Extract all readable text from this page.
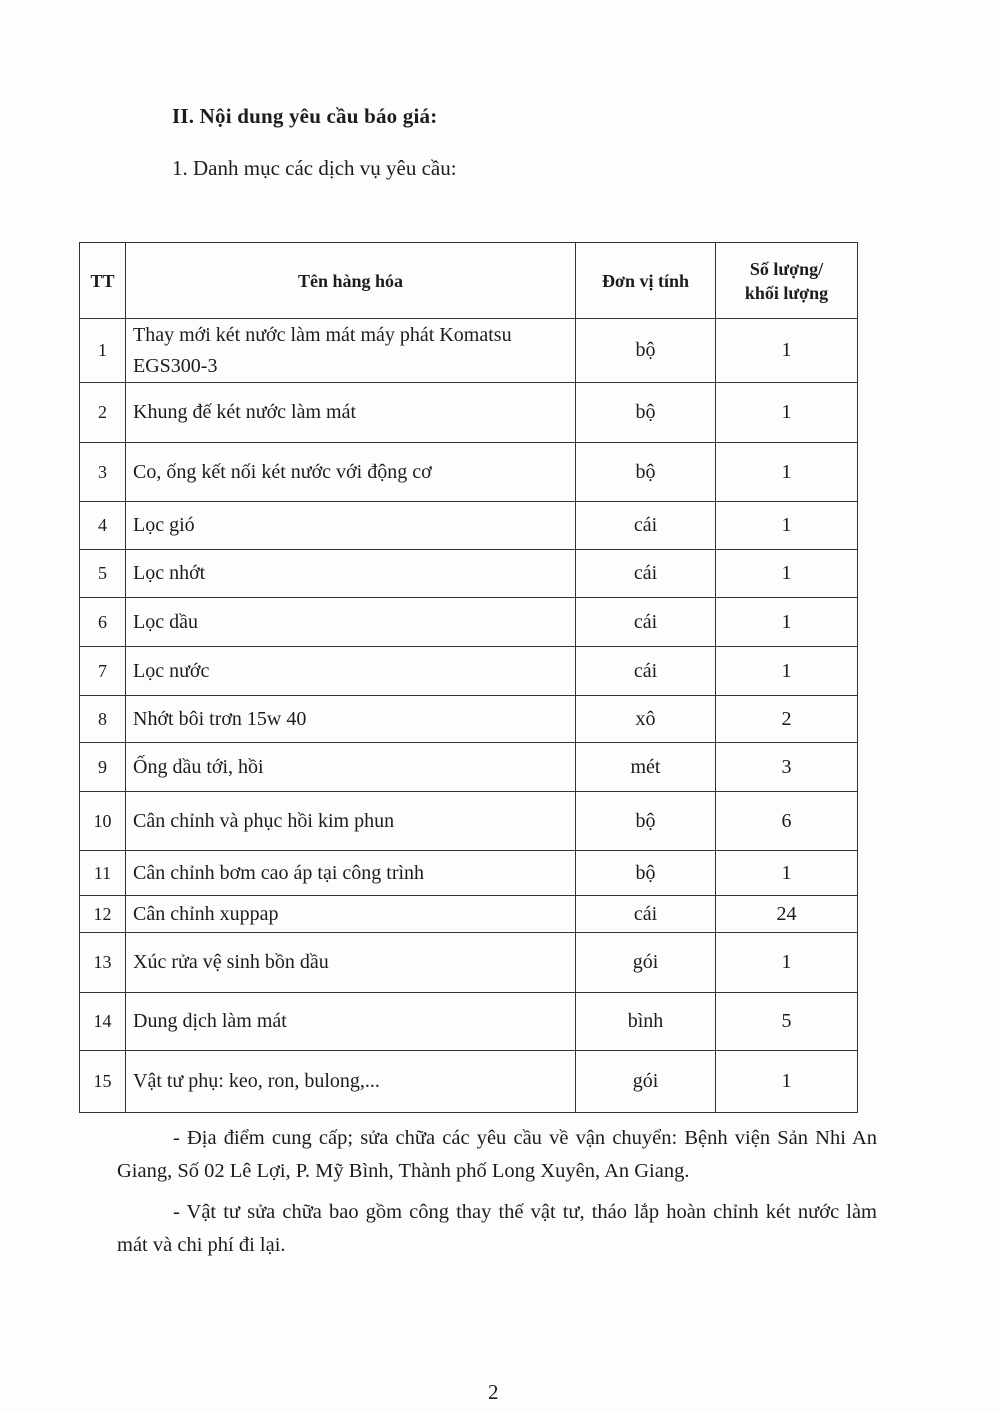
II. Nội dung yêu cầu báo giá:
1. Danh mục các dịch vụ yêu cầu:
TT	Tên hàng hóa	Đơn vị tính	Số lượng/
khối lượng
1	Thay mới két nước làm mát máy phát Komatsu EGS300-3	bộ	1
2	Khung đế két nước làm mát	bộ	1
3	Co, ống kết nối két nước với động cơ	bộ	1
4	Lọc gió	cái	1
5	Lọc nhớt	cái	1
6	Lọc dầu	cái	1
7	Lọc nước	cái	1
8	Nhớt bôi trơn 15w 40	xô	2
9	Ống dầu tới, hồi	mét	3
10	Cân chỉnh và phục hồi kim phun	bộ	6
11	Cân chỉnh bơm cao áp tại công trình	bộ	1
12	Cân chỉnh xuppap	cái	24
13	Xúc rửa vệ sinh bồn dầu	gói	1
14	Dung dịch làm mát	bình	5
15	Vật tư phụ: keo, ron, bulong,...	gói	1
- Địa điểm cung cấp; sửa chữa các yêu cầu về vận chuyển: Bệnh viện Sản Nhi An Giang, Số 02 Lê Lợi, P. Mỹ Bình, Thành phố Long Xuyên, An Giang.
- Vật tư sửa chữa bao gồm công thay thế vật tư, tháo lắp hoàn chỉnh két nước làm mát và chi phí đi lại.
2
